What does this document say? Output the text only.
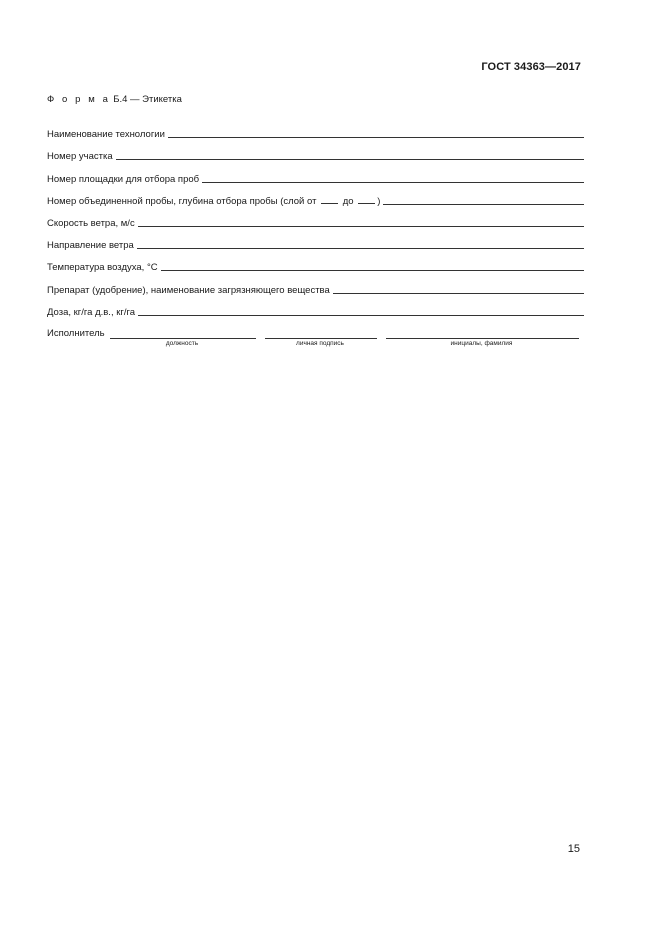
ГОСТ 34363—2017
Ф о р м а Б.4 — Этикетка
Наименование технологии
Номер участка
Номер площадки для отбора проб
Номер объединенной пробы, глубина отбора пробы (слой от	до )
Скорость ветра, м/с
Направление ветра
Температура воздуха, °С
Препарат (удобрение), наименование загрязняющего вещества
Доза, кг/га д.в., кг/га
Исполнитель
должность	личная подпись	инициалы, фамилия
15
